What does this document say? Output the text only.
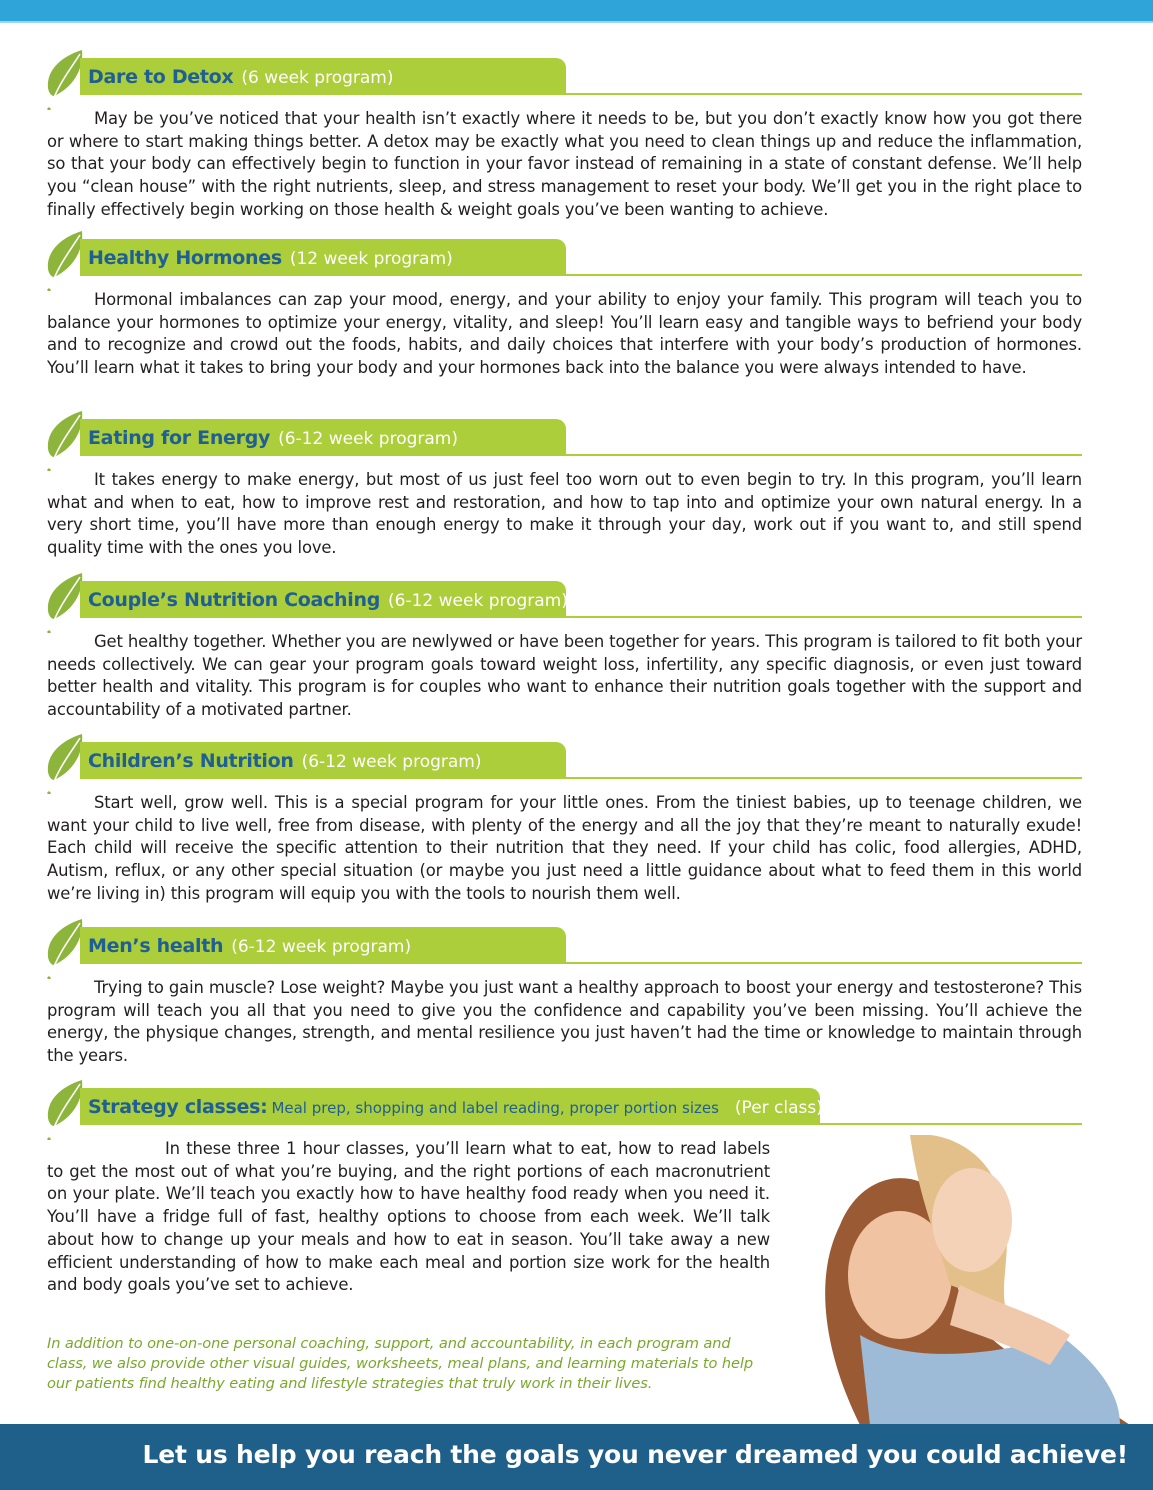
Dare to Detox (6 week program)
May be you’ve noticed that your health isn’t exactly where it needs to be, but you don’t exactly know how you got there or where to start making things better. A detox may be exactly what you need to clean things up and reduce the inflammation, so that your body can effectively begin to function in your favor instead of remaining in a state of constant defense. We’ll help you “clean house” with the right nutrients, sleep, and stress management to reset your body. We’ll get you in the right place to finally effectively begin working on those health & weight goals you’ve been wanting to achieve.
Healthy Hormones (12 week program)
Hormonal imbalances can zap your mood, energy, and your ability to enjoy your family. This program will teach you to balance your hormones to optimize your energy, vitality, and sleep! You’ll learn easy and tangible ways to befriend your body and to recognize and crowd out the foods, habits, and daily choices that interfere with your body’s production of hormones. You’ll learn what it takes to bring your body and your hormones back into the balance you were always intended to have.
Eating for Energy (6-12 week program)
It takes energy to make energy, but most of us just feel too worn out to even begin to try. In this program, you’ll learn what and when to eat, how to improve rest and restoration, and how to tap into and optimize your own natural energy. In a very short time, you’ll have more than enough energy to make it through your day, work out if you want to, and still spend quality time with the ones you love.
Couple’s Nutrition Coaching (6-12 week program)
Get healthy together. Whether you are newlywed or have been together for years. This program is tailored to fit both your needs collectively. We can gear your program goals toward weight loss, infertility, any specific diagnosis, or even just toward better health and vitality. This program is for couples who want to enhance their nutrition goals together with the support and accountability of a motivated partner.
Children’s Nutrition (6-12 week program)
Start well, grow well. This is a special program for your little ones. From the tiniest babies, up to teenage children, we want your child to live well, free from disease, with plenty of the energy and all the joy that they’re meant to naturally exude! Each child will receive the specific attention to their nutrition that they need. If your child has colic, food allergies, ADHD, Autism, reflux, or any other special situation (or maybe you just need a little guidance about what to feed them in this world we’re living in) this program will equip you with the tools to nourish them well.
Men’s health (6-12 week program)
Trying to gain muscle? Lose weight? Maybe you just want a healthy approach to boost your energy and testosterone? This program will teach you all that you need to give you the confidence and capability you’ve been missing. You’ll achieve the energy, the physique changes, strength, and mental resilience you just haven’t had the time or knowledge to maintain through the years.
Strategy classes: Meal prep, shopping and label reading, proper portion sizes (Per class)
In these three 1 hour classes, you’ll learn what to eat, how to read labels to get the most out of what you’re buying, and the right portions of each macronutrient on your plate. We’ll teach you exactly how to have healthy food ready when you need it. You’ll have a fridge full of fast, healthy options to choose from each week. We’ll talk about how to change up your meals and how to eat in season. You’ll take away a new efficient understanding of how to make each meal and portion size work for the health and body goals you’ve set to achieve.
In addition to one-on-one personal coaching, support, and accountability, in each program and class, we also provide other visual guides, worksheets, meal plans, and learning materials to help our patients find healthy eating and lifestyle strategies that truly work in their lives.
Let us help you reach the goals you never dreamed you could achieve!
